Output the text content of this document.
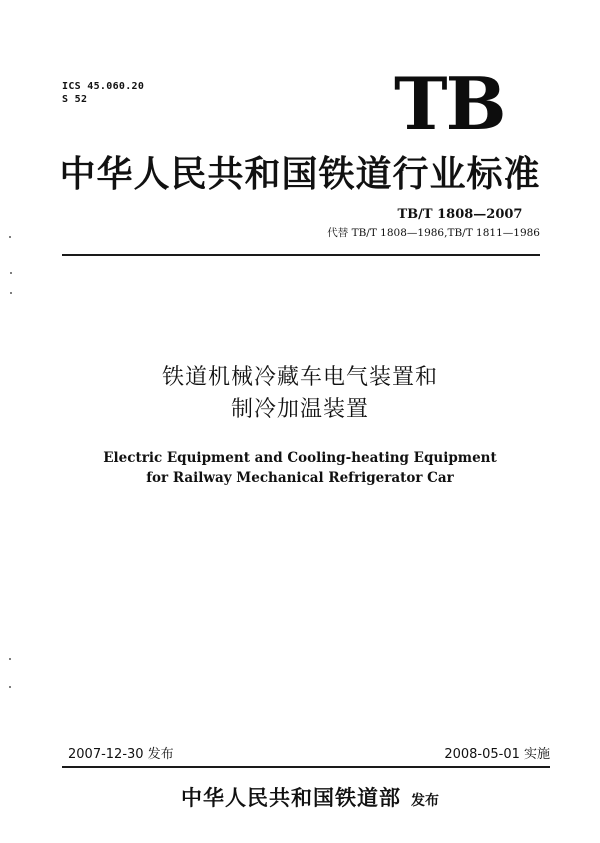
ICS 45.060.20
S 52	TB
中华人民共和国铁道行业标准
TB/T 1808—2007
代替 TB/T 1808—1986,TB/T 1811—1986
铁道机械冷藏车电气装置和
制冷加温装置
Electric Equipment and Cooling-heating Equipment
for Railway Mechanical Refrigerator Car
2007-12-30 发布	2008-05-01 实施
中华人民共和国铁道部 发布
